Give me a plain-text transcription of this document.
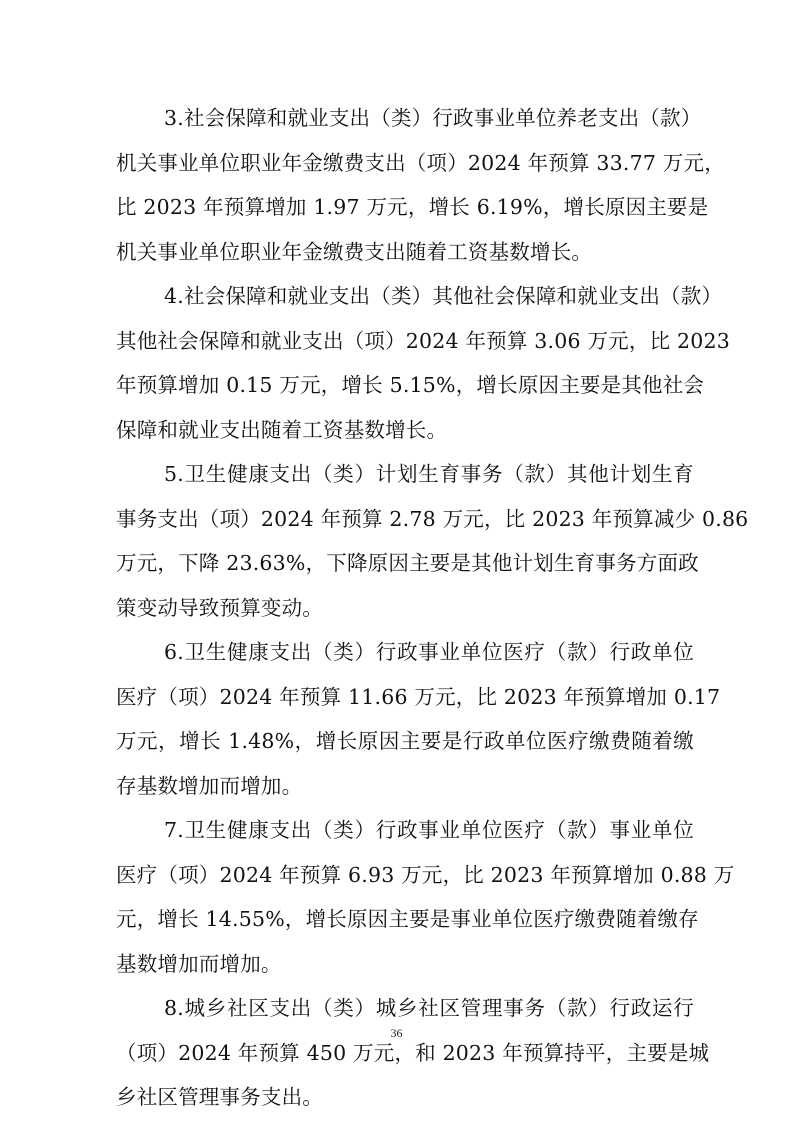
3.社会保障和就业支出（类）行政事业单位养老支出（款）
机关事业单位职业年金缴费支出（项）2024 年预算 33.77 万元，
比 2023 年预算增加 1.97 万元，增长 6.19%，增长原因主要是
机关事业单位职业年金缴费支出随着工资基数增长。

4.社会保障和就业支出（类）其他社会保障和就业支出（款）
其他社会保障和就业支出（项）2024 年预算 3.06 万元，比 2023
年预算增加 0.15 万元，增长 5.15%，增长原因主要是其他社会
保障和就业支出随着工资基数增长。

5.卫生健康支出（类）计划生育事务（款）其他计划生育
事务支出（项）2024 年预算 2.78 万元，比 2023 年预算减少 0.86
万元，下降 23.63%，下降原因主要是其他计划生育事务方面政
策变动导致预算变动。

6.卫生健康支出（类）行政事业单位医疗（款）行政单位
医疗（项）2024 年预算 11.66 万元，比 2023 年预算增加 0.17
万元，增长 1.48%，增长原因主要是行政单位医疗缴费随着缴
存基数增加而增加。

7.卫生健康支出（类）行政事业单位医疗（款）事业单位
医疗（项）2024 年预算 6.93 万元，比 2023 年预算增加 0.88 万
元，增长 14.55%，增长原因主要是事业单位医疗缴费随着缴存
基数增加而增加。

8.城乡社区支出（类）城乡社区管理事务（款）行政运行
（项）2024 年预算 450 万元，和 2023 年预算持平，主要是城
乡社区管理事务支出。

36
